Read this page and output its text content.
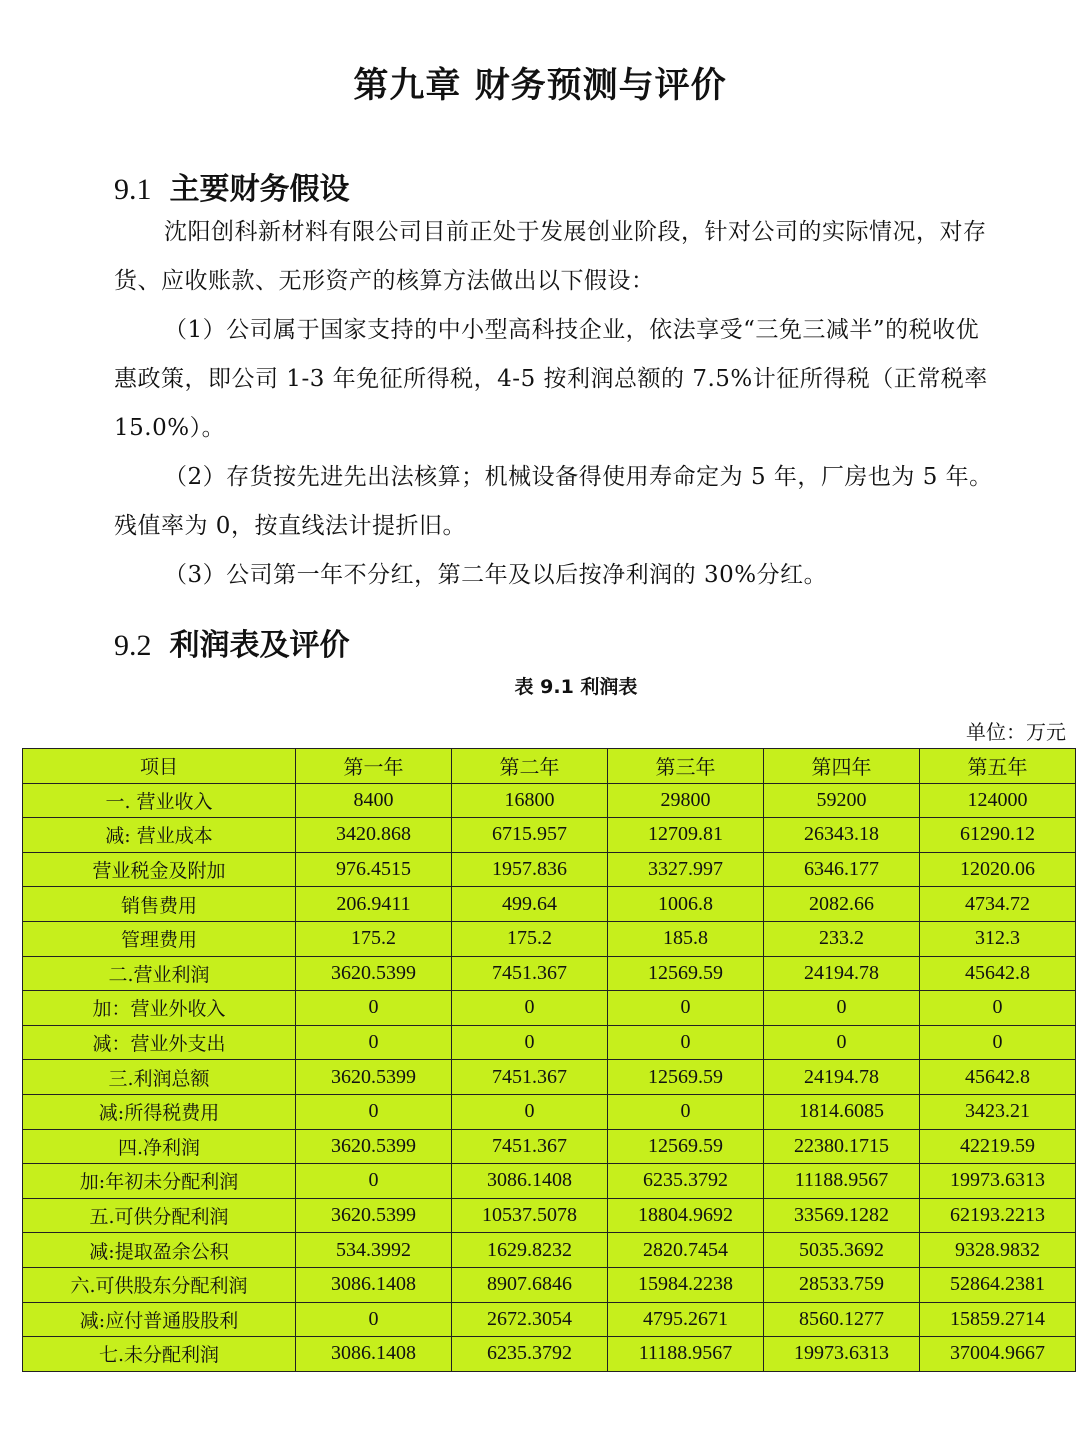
第九章 财务预测与评价
9.1 主要财务假设
沈阳创科新材料有限公司目前正处于发展创业阶段，针对公司的实际情况，对存货、应收账款、无形资产的核算方法做出以下假设：
（1）公司属于国家支持的中小型高科技企业，依法享受“三免三减半”的税收优惠政策，即公司 1-3 年免征所得税，4-5 按利润总额的 7.5%计征所得税（正常税率 15.0%）。
（2）存货按先进先出法核算；机械设备得使用寿命定为 5 年，厂房也为 5 年。残值率为 0，按直线法计提折旧。
（3）公司第一年不分红，第二年及以后按净利润的 30%分红。
9.2 利润表及评价
表 9.1 利润表
单位：万元
项目	第一年	第二年	第三年	第四年	第五年
一. 营业收入	8400	16800	29800	59200	124000
减: 营业成本	3420.868	6715.957	12709.81	26343.18	61290.12
营业税金及附加	976.4515	1957.836	3327.997	6346.177	12020.06
销售费用	206.9411	499.64	1006.8	2082.66	4734.72
管理费用	175.2	175.2	185.8	233.2	312.3
二.营业利润	3620.5399	7451.367	12569.59	24194.78	45642.8
加：营业外收入	0	0	0	0	0
减：营业外支出	0	0	0	0	0
三.利润总额	3620.5399	7451.367	12569.59	24194.78	45642.8
减:所得税费用	0	0	0	1814.6085	3423.21
四.净利润	3620.5399	7451.367	12569.59	22380.1715	42219.59
加:年初未分配利润	0	3086.1408	6235.3792	11188.9567	19973.6313
五.可供分配利润	3620.5399	10537.5078	18804.9692	33569.1282	62193.2213
减:提取盈余公积	534.3992	1629.8232	2820.7454	5035.3692	9328.9832
六.可供股东分配利润	3086.1408	8907.6846	15984.2238	28533.759	52864.2381
减:应付普通股股利	0	2672.3054	4795.2671	8560.1277	15859.2714
七.未分配利润	3086.1408	6235.3792	11188.9567	19973.6313	37004.9667
